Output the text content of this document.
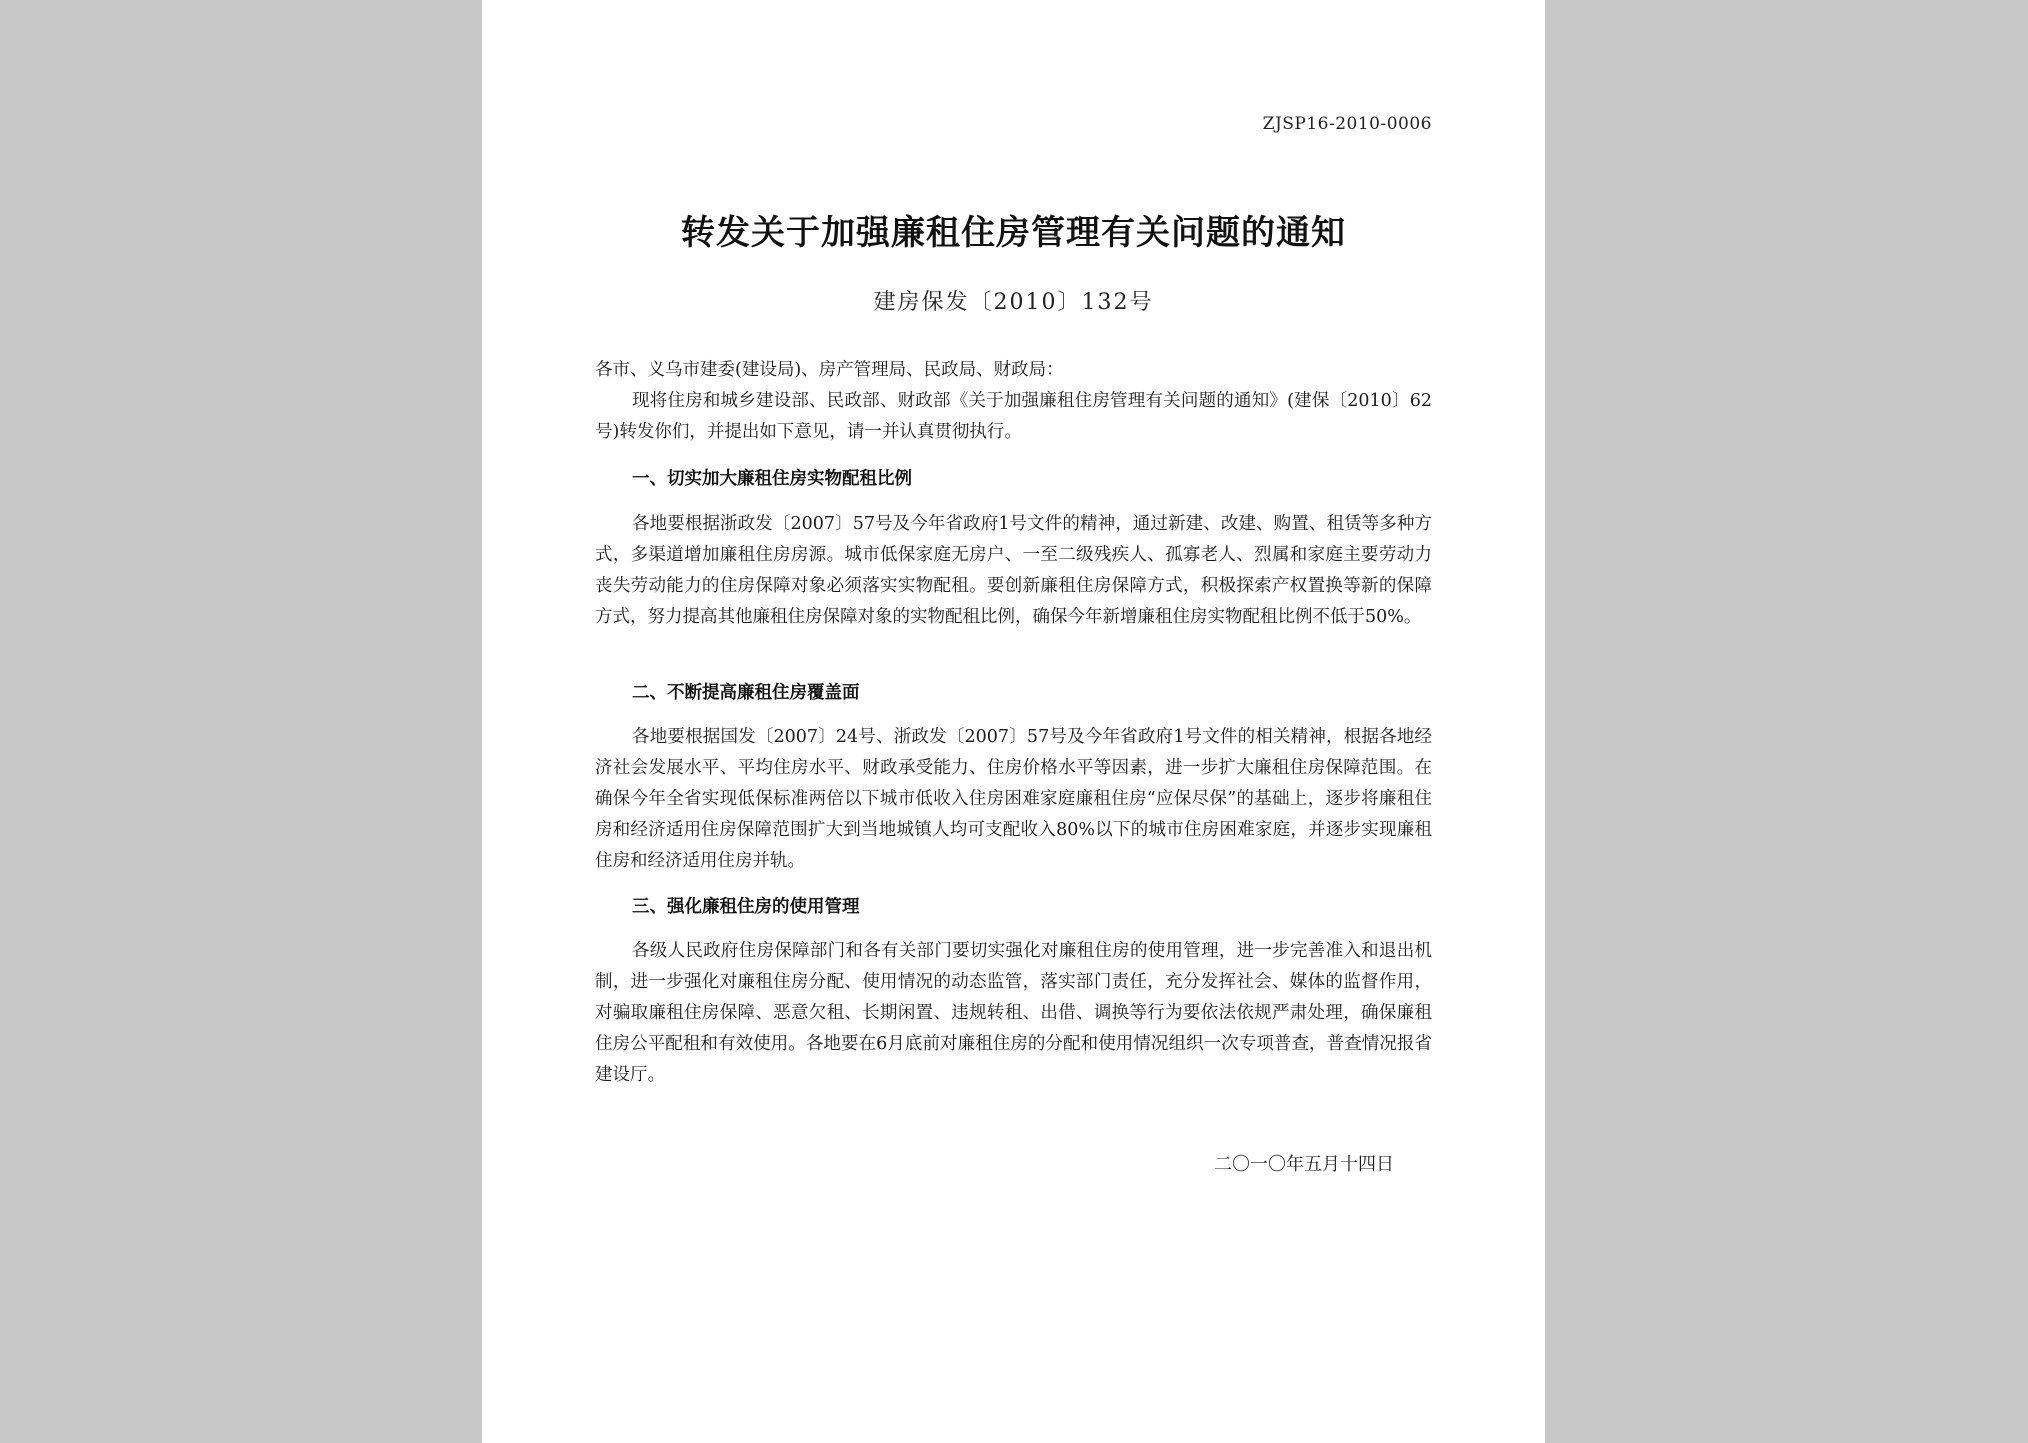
ZJSP16-2010-0006
转发关于加强廉租住房管理有关问题的通知
建房保发〔2010〕132号
各市、义乌市建委(建设局)、房产管理局、民政局、财政局：
现将住房和城乡建设部、民政部、财政部《关于加强廉租住房管理有关问题的通知》(建保〔2010〕62号)转发你们，并提出如下意见，请一并认真贯彻执行。
一、切实加大廉租住房实物配租比例
各地要根据浙政发〔2007〕57号及今年省政府1号文件的精神，通过新建、改建、购置、租赁等多种方式，多渠道增加廉租住房房源。城市低保家庭无房户、一至二级残疾人、孤寡老人、烈属和家庭主要劳动力丧失劳动能力的住房保障对象必须落实实物配租。要创新廉租住房保障方式，积极探索产权置换等新的保障方式，努力提高其他廉租住房保障对象的实物配租比例，确保今年新增廉租住房实物配租比例不低于50%。
二、不断提高廉租住房覆盖面
各地要根据国发〔2007〕24号、浙政发〔2007〕57号及今年省政府1号文件的相关精神，根据各地经济社会发展水平、平均住房水平、财政承受能力、住房价格水平等因素，进一步扩大廉租住房保障范围。在确保今年全省实现低保标准两倍以下城市低收入住房困难家庭廉租住房“应保尽保”的基础上，逐步将廉租住房和经济适用住房保障范围扩大到当地城镇人均可支配收入80%以下的城市住房困难家庭，并逐步实现廉租住房和经济适用住房并轨。
三、强化廉租住房的使用管理
各级人民政府住房保障部门和各有关部门要切实强化对廉租住房的使用管理，进一步完善准入和退出机制，进一步强化对廉租住房分配、使用情况的动态监管，落实部门责任，充分发挥社会、媒体的监督作用，对骗取廉租住房保障、恶意欠租、长期闲置、违规转租、出借、调换等行为要依法依规严肃处理，确保廉租住房公平配租和有效使用。各地要在6月底前对廉租住房的分配和使用情况组织一次专项普查，普查情况报省建设厅。
二〇一〇年五月十四日
